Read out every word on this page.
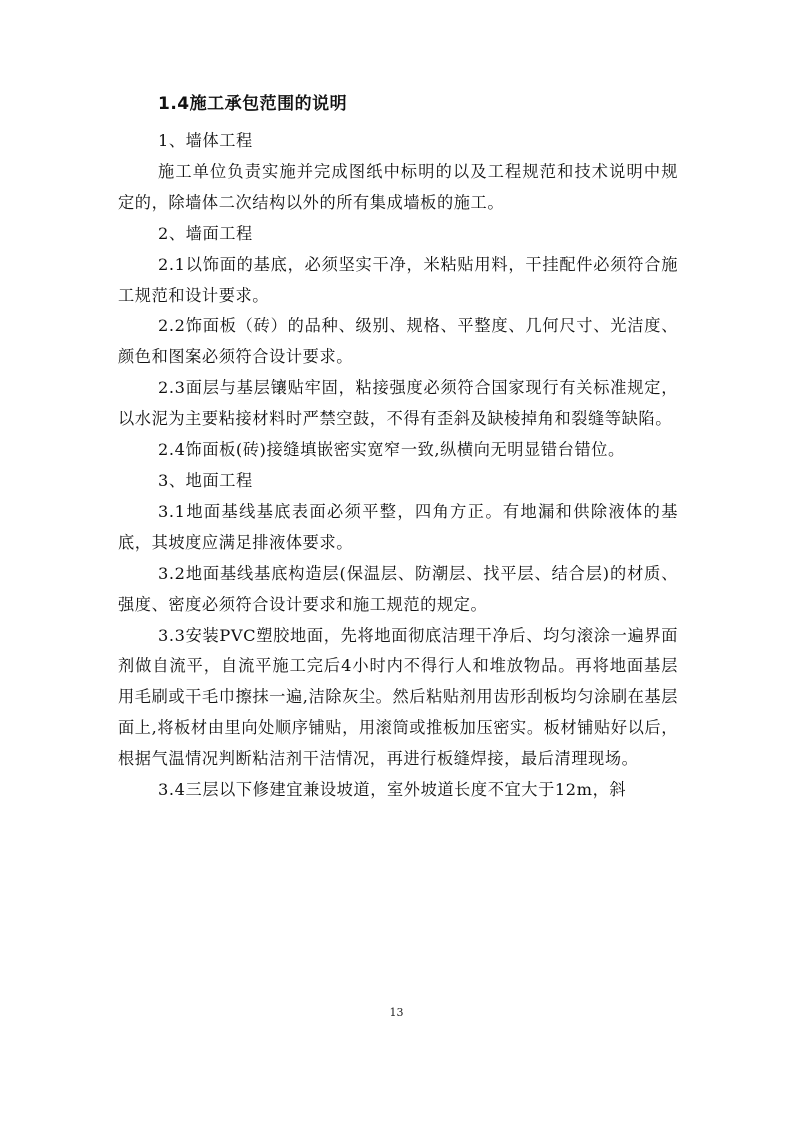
1.4施工承包范围的说明

1、墙体工程

施工单位负责实施并完成图纸中标明的以及工程规范和技术说明中规定的，除墙体二次结构以外的所有集成墙板的施工。

2、墙面工程

2.1以饰面的基底，必须坚实干净，米粘贴用料，干挂配件必须符合施工规范和设计要求。

2.2饰面板（砖）的品种、级别、规格、平整度、几何尺寸、光洁度、颜色和图案必须符合设计要求。

2.3面层与基层镶贴牢固，粘接强度必须符合国家现行有关标准规定，以水泥为主要粘接材料时严禁空鼓，不得有歪斜及缺棱掉角和裂缝等缺陷。

2.4饰面板(砖)接缝填嵌密实宽窄一致,纵横向无明显错台错位。

3、地面工程

3.1地面基线基底表面必须平整，四角方正。有地漏和供除液体的基底，其坡度应满足排液体要求。

3.2地面基线基底构造层(保温层、防潮层、找平层、结合层)的材质、强度、密度必须符合设计要求和施工规范的规定。

3.3安装PVC塑胶地面，先将地面彻底洁理干净后、均匀滚涂一遍界面剂做自流平，自流平施工完后4小时内不得行人和堆放物品。再将地面基层用毛刷或干毛巾擦抹一遍,洁除灰尘。然后粘贴剂用齿形刮板均匀涂刷在基层面上,将板材由里向处顺序铺贴，用滚筒或推板加压密实。板材铺贴好以后，根据气温情况判断粘洁剂干洁情况，再进行板缝焊接，最后清理现场。

3.4三层以下修建宜兼设坡道，室外坡道长度不宜大于12m，斜

13
